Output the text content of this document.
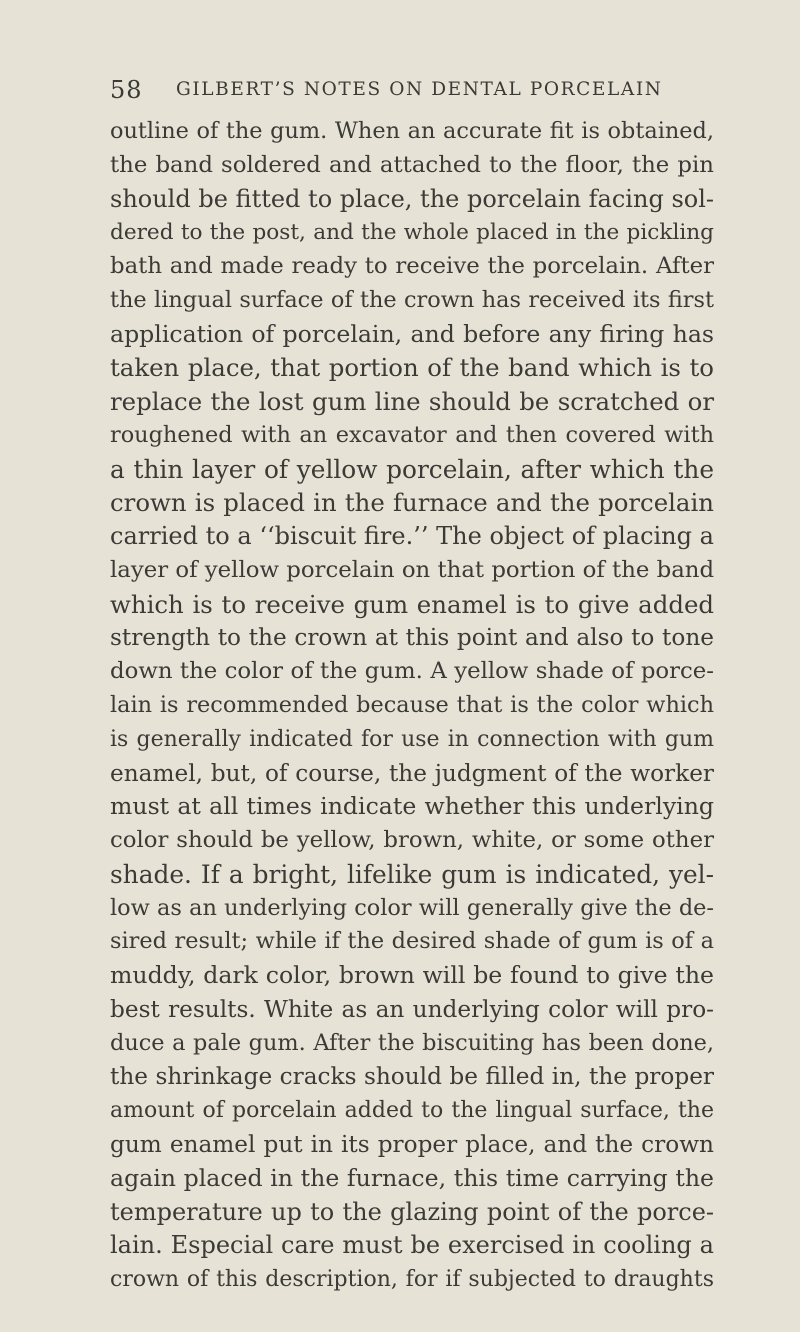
58 GILBERT’S NOTES ON DENTAL PORCELAIN
outline of the gum. When an accurate fit is obtained,
the band soldered and attached to the floor, the pin
should be fitted to place, the porcelain facing sol-
dered to the post, and the whole placed in the pickling
bath and made ready to receive the porcelain. After
the lingual surface of the crown has received its first
application of porcelain, and before any firing has
taken place, that portion of the band which is to
replace the lost gum line should be scratched or
roughened with an excavator and then covered with
a thin layer of yellow porcelain, after which the
crown is placed in the furnace and the porcelain
carried to a ‘‘biscuit fire.’’ The object of placing a
layer of yellow porcelain on that portion of the band
which is to receive gum enamel is to give added
strength to the crown at this point and also to tone
down the color of the gum. A yellow shade of porce-
lain is recommended because that is the color which
is generally indicated for use in connection with gum
enamel, but, of course, the judgment of the worker
must at all times indicate whether this underlying
color should be yellow, brown, white, or some other
shade. If a bright, lifelike gum is indicated, yel-
low as an underlying color will generally give the de-
sired result; while if the desired shade of gum is of a
muddy, dark color, brown will be found to give the
best results. White as an underlying color will pro-
duce a pale gum. After the biscuiting has been done,
the shrinkage cracks should be filled in, the proper
amount of porcelain added to the lingual surface, the
gum enamel put in its proper place, and the crown
again placed in the furnace, this time carrying the
temperature up to the glazing point of the porce-
lain. Especial care must be exercised in cooling a
crown of this description, for if subjected to draughts
